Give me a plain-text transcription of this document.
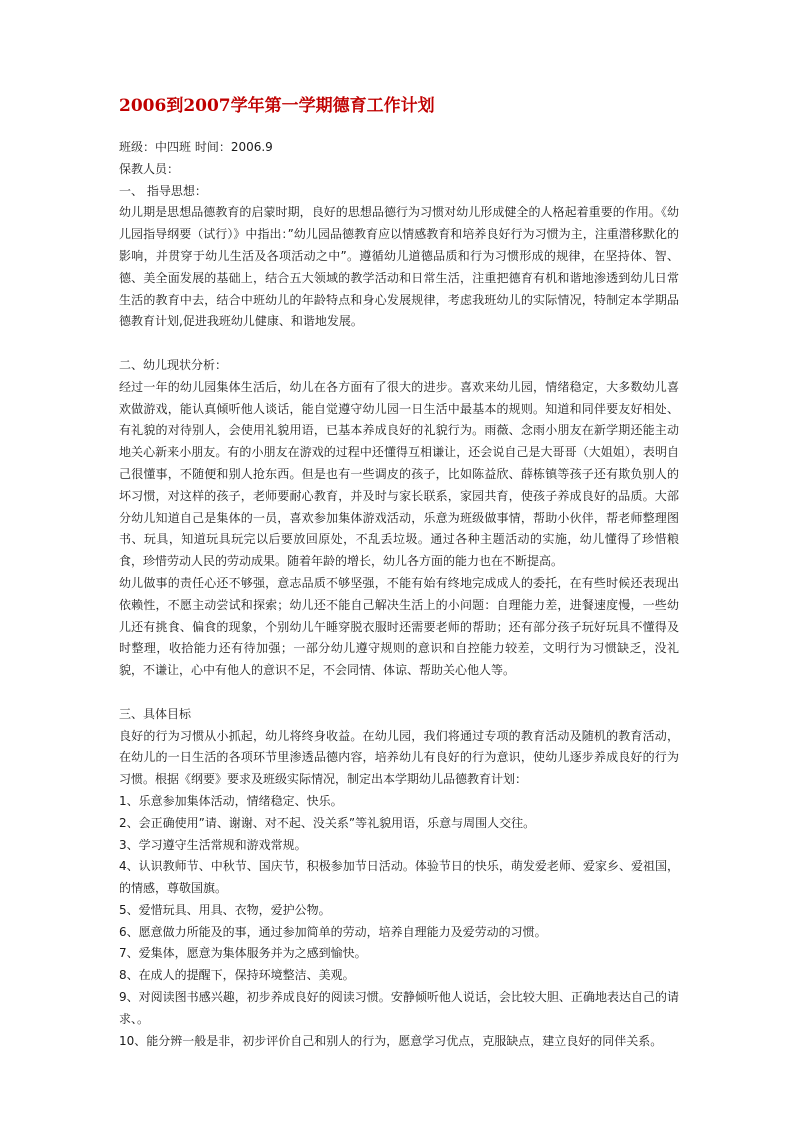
2006到2007学年第一学期德育工作计划
班级：中四班 时间：2006.9
保教人员：
一、 指导思想：
幼儿期是思想品德教育的启蒙时期，良好的思想品德行为习惯对幼儿形成健全的人格起着重要的作用。《幼儿园指导纲要（试行）》中指出：”幼儿园品德教育应以情感教育和培养良好行为习惯为主，注重潜移默化的影响，并贯穿于幼儿生活及各项活动之中”。遵循幼儿道德品质和行为习惯形成的规律，在坚持体、智、德、美全面发展的基础上，结合五大领域的教学活动和日常生活，注重把德育有机和谐地渗透到幼儿日常生活的教育中去，结合中班幼儿的年龄特点和身心发展规律，考虑我班幼儿的实际情况，特制定本学期品德教育计划,促进我班幼儿健康、和谐地发展。
二、幼儿现状分析：
经过一年的幼儿园集体生活后，幼儿在各方面有了很大的进步。喜欢来幼儿园，情绪稳定，大多数幼儿喜欢做游戏，能认真倾听他人谈话，能自觉遵守幼儿园一日生活中最基本的规则。知道和同伴要友好相处、有礼貌的对待别人，会使用礼貌用语，已基本养成良好的礼貌行为。雨薇、念雨小朋友在新学期还能主动地关心新来小朋友。有的小朋友在游戏的过程中还懂得互相谦让，还会说自己是大哥哥（大姐姐），表明自己很懂事，不随便和别人抢东西。但是也有一些调皮的孩子，比如陈益欣、薛栋镇等孩子还有欺负别人的坏习惯，对这样的孩子，老师要耐心教育，并及时与家长联系，家园共育，使孩子养成良好的品质。大部分幼儿知道自己是集体的一员，喜欢参加集体游戏活动，乐意为班级做事情，帮助小伙伴，帮老师整理图书、玩具，知道玩具玩完以后要放回原处，不乱丢垃圾。通过各种主题活动的实施，幼儿懂得了珍惜粮食，珍惜劳动人民的劳动成果。随着年龄的增长，幼儿各方面的能力也在不断提高。
幼儿做事的责任心还不够强，意志品质不够坚强，不能有始有终地完成成人的委托，在有些时候还表现出依赖性，不愿主动尝试和探索；幼儿还不能自己解决生活上的小问题：自理能力差，进餐速度慢，一些幼儿还有挑食、偏食的现象，个别幼儿午睡穿脱衣服时还需要老师的帮助；还有部分孩子玩好玩具不懂得及时整理，收拾能力还有待加强；一部分幼儿遵守规则的意识和自控能力较差，文明行为习惯缺乏，没礼貌，不谦让，心中有他人的意识不足，不会同情、体谅、帮助关心他人等。
三、具体目标
良好的行为习惯从小抓起，幼儿将终身收益。在幼儿园，我们将通过专项的教育活动及随机的教育活动，在幼儿的一日生活的各项环节里渗透品德内容，培养幼儿有良好的行为意识，使幼儿逐步养成良好的行为习惯。根据《纲要》要求及班级实际情况，制定出本学期幼儿品德教育计划：
1、乐意参加集体活动，情绪稳定、快乐。
2、会正确使用”请、谢谢、对不起、没关系”等礼貌用语，乐意与周围人交往。
3、学习遵守生活常规和游戏常规。
4、认识教师节、中秋节、国庆节，积极参加节日活动。体验节日的快乐，萌发爱老师、爱家乡、爱祖国，的情感，尊敬国旗。
5、爱惜玩具、用具、衣物，爱护公物。
6、愿意做力所能及的事，通过参加简单的劳动，培养自理能力及爱劳动的习惯。
7、爱集体，愿意为集体服务并为之感到愉快。
8、在成人的提醒下，保持环境整洁、美观。
9、对阅读图书感兴趣，初步养成良好的阅读习惯。安静倾听他人说话，会比较大胆、正确地表达自己的请求、。
10、能分辨一般是非，初步评价自己和别人的行为，愿意学习优点，克服缺点，建立良好的同伴关系。
